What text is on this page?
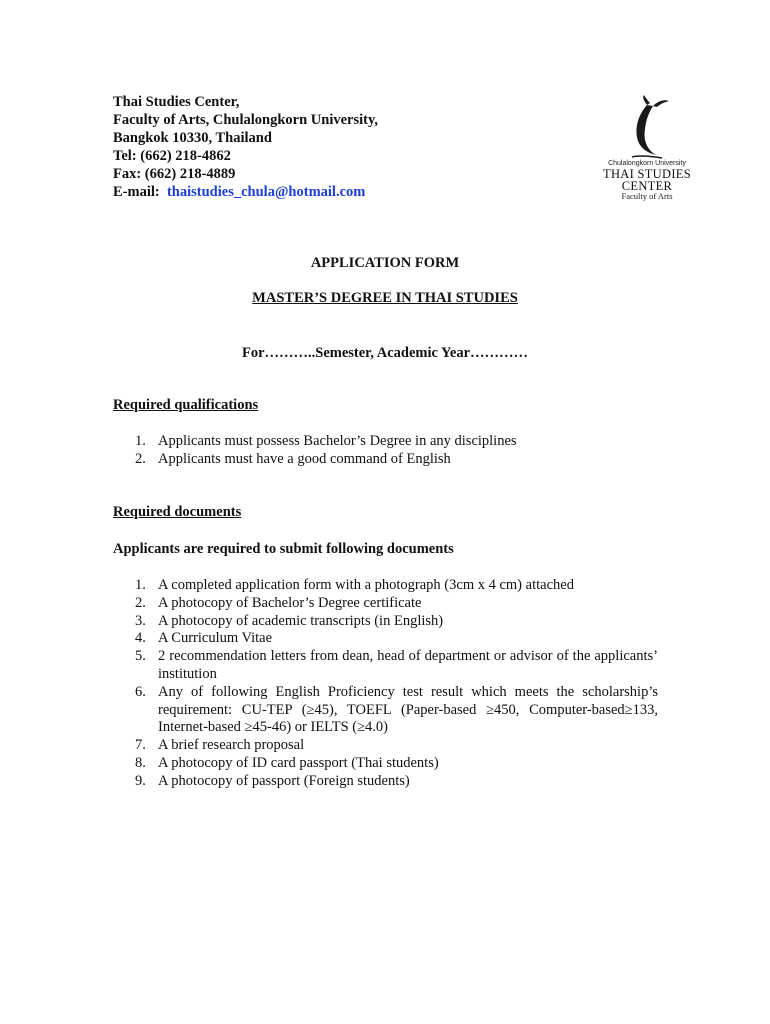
Thai Studies Center,
Faculty of Arts, Chulalongkorn University,
Bangkok 10330, Thailand
Tel: (662) 218-4862
Fax: (662) 218-4889
E-mail: thaistudies_chula@hotmail.com
Chulalongkorn University
THAI STUDIES
CENTER
Faculty of Arts
APPLICATION FORM
MASTER’S DEGREE IN THAI STUDIES
For………..Semester, Academic Year…………
Required qualifications
1. Applicants must possess Bachelor’s Degree in any disciplines
2. Applicants must have a good command of English
Required documents
Applicants are required to submit following documents
1. A completed application form with a photograph (3cm x 4 cm) attached
2. A photocopy of Bachelor’s Degree certificate
3. A photocopy of academic transcripts (in English)
4. A Curriculum Vitae
5. 2 recommendation letters from dean, head of department or advisor of the applicants’ institution
6. Any of following English Proficiency test result which meets the scholarship’s requirement: CU-TEP (≥45), TOEFL (Paper-based ≥450, Computer-based≥133, Internet-based ≥45-46) or IELTS (≥4.0)
7. A brief research proposal
8. A photocopy of ID card passport (Thai students)
9. A photocopy of passport (Foreign students)
